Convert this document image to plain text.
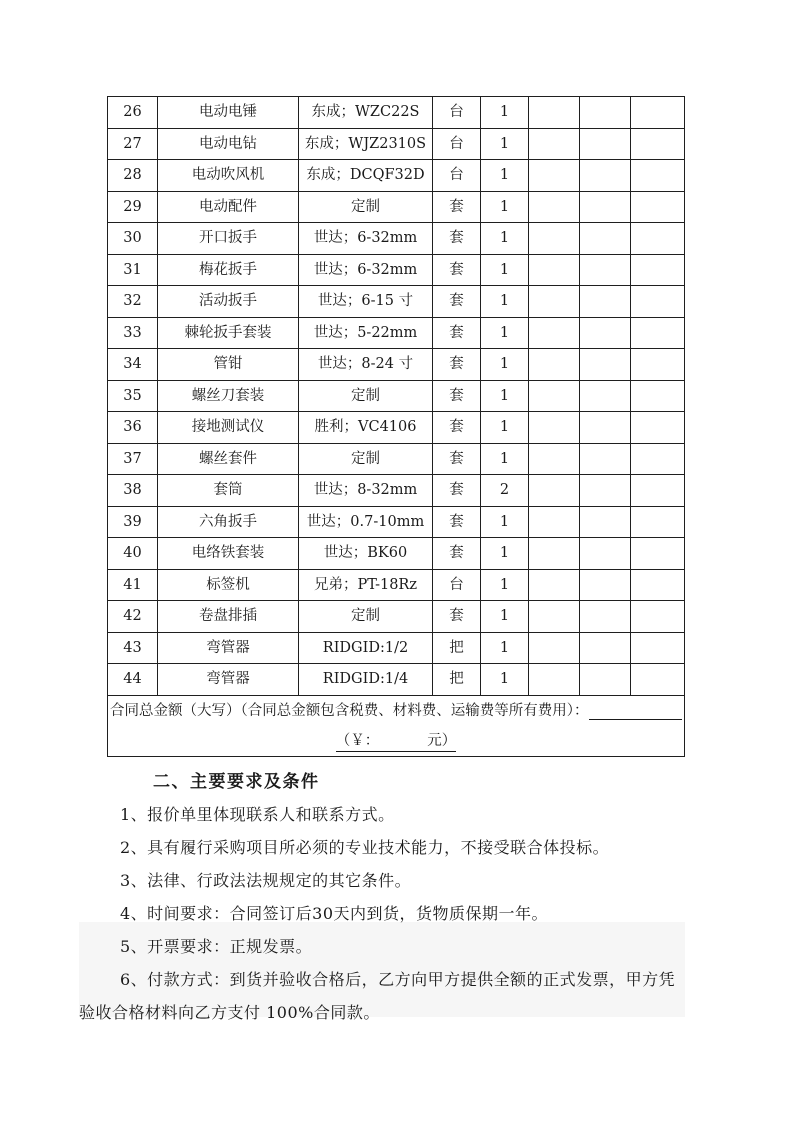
26	电动电锤	东成；WZC22S	台	1			
27	电动电钻	东成；WJZ2310S	台	1			
28	电动吹风机	东成；DCQF32D	台	1			
29	电动配件	定制	套	1			
30	开口扳手	世达；6-32mm	套	1			
31	梅花扳手	世达；6-32mm	套	1			
32	活动扳手	世达；6-15 寸	套	1			
33	棘轮扳手套装	世达；5-22mm	套	1			
34	管钳	世达；8-24 寸	套	1			
35	螺丝刀套装	定制	套	1			
36	接地测试仪	胜利；VC4106	套	1			
37	螺丝套件	定制	套	1			
38	套筒	世达；8-32mm	套	2			
39	六角扳手	世达；0.7-10mm	套	1			
40	电络铁套装	世达；BK60	套	1			
41	标签机	兄弟；PT-18Rz	台	1			
42	卷盘排插	定制	套	1			
43	弯管器	RIDGID:1/2	把	1			
44	弯管器	RIDGID:1/4	把	1			

合同总金额（大写）（合同总金额包含税费、材料费、运输费等所有费用）：
（￥： 元）							
二、主要要求及条件

1、报价单里体现联系人和联系方式。

2、具有履行采购项目所必须的专业技术能力，不接受联合体投标。

3、法律、行政法法规规定的其它条件。

4、时间要求：合同签订后30天内到货，货物质保期一年。

5、开票要求：正规发票。

6、付款方式：到货并验收合格后，乙方向甲方提供全额的正式发票，甲方凭验收合格材料向乙方支付 100%合同款。
